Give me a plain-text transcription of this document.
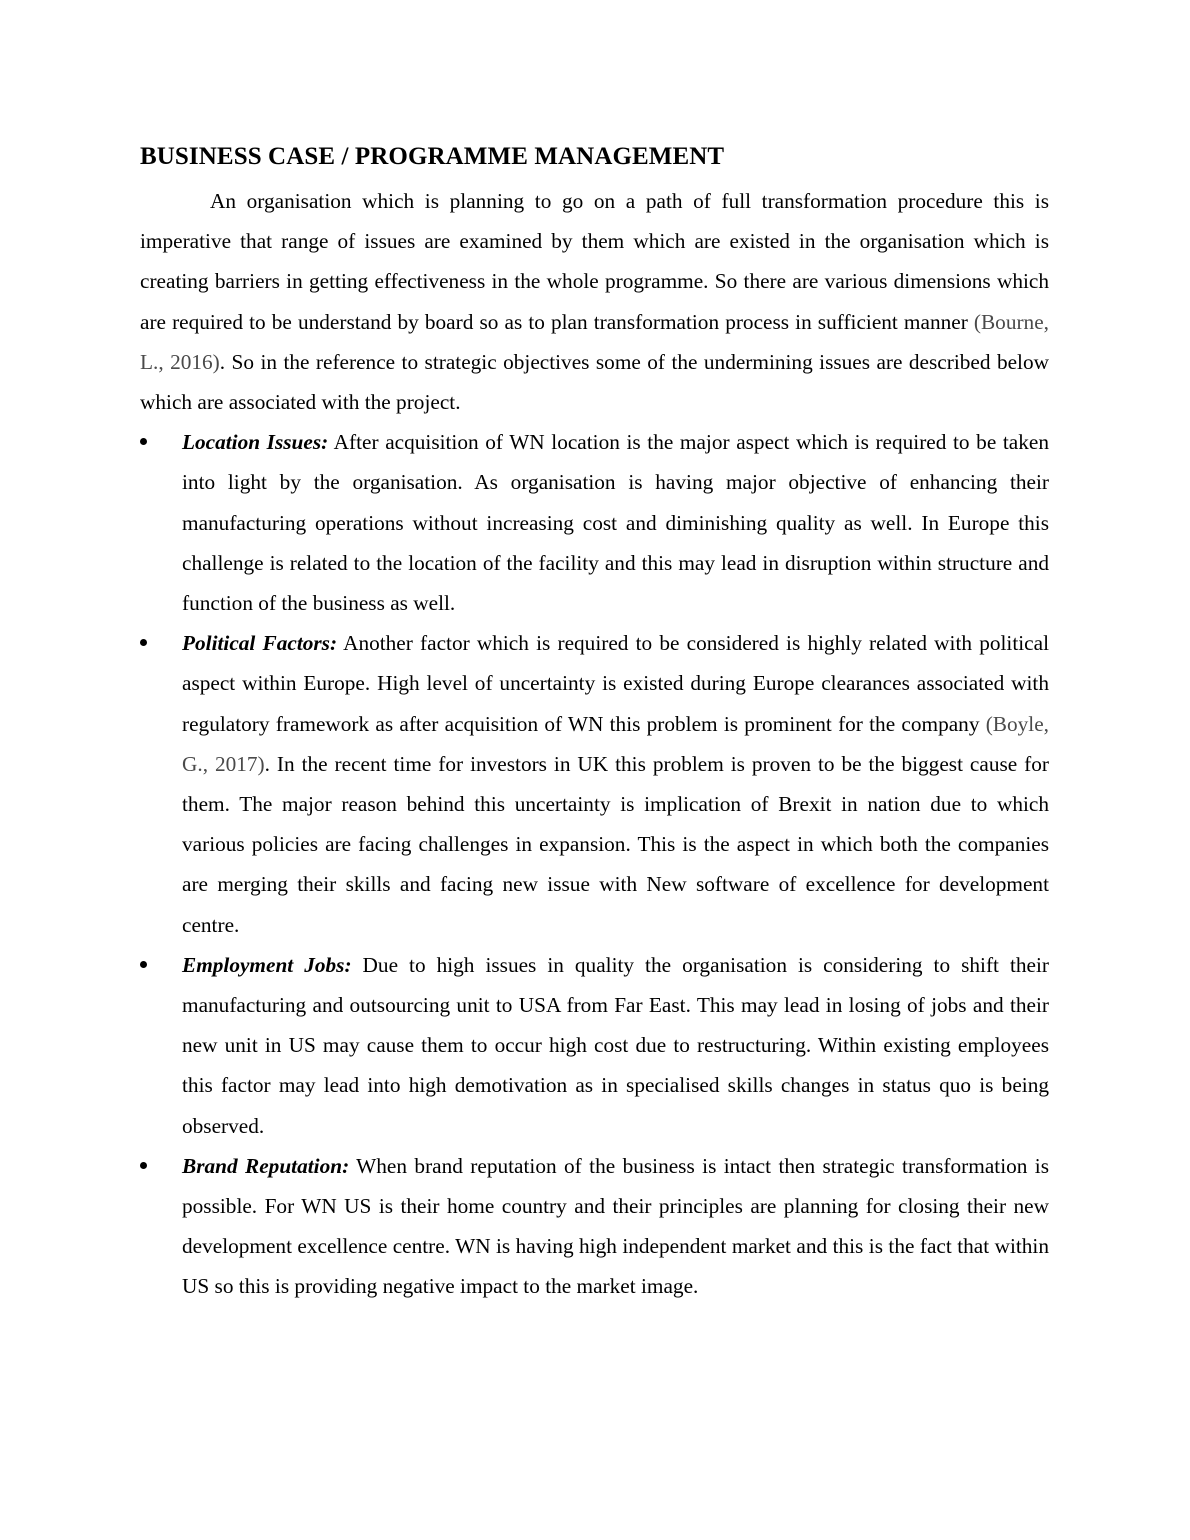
BUSINESS CASE / PROGRAMME MANAGEMENT

An organisation which is planning to go on a path of full transformation procedure this is imperative that range of issues are examined by them which are existed in the organisation which is creating barriers in getting effectiveness in the whole programme. So there are various dimensions which are required to be understand by board so as to plan transformation process in sufficient manner (Bourne, L., 2016). So in the reference to strategic objectives some of the undermining issues are described below which are associated with the project.

Location Issues: After acquisition of WN location is the major aspect which is required to be taken into light by the organisation. As organisation is having major objective of enhancing their manufacturing operations without increasing cost and diminishing quality as well. In Europe this challenge is related to the location of the facility and this may lead in disruption within structure and function of the business as well.
Political Factors: Another factor which is required to be considered is highly related with political aspect within Europe. High level of uncertainty is existed during Europe clearances associated with regulatory framework as after acquisition of WN this problem is prominent for the company (Boyle, G., 2017). In the recent time for investors in UK this problem is proven to be the biggest cause for them. The major reason behind this uncertainty is implication of Brexit in nation due to which various policies are facing challenges in expansion. This is the aspect in which both the companies are merging their skills and facing new issue with New software of excellence for development centre.
Employment Jobs: Due to high issues in quality the organisation is considering to shift their manufacturing and outsourcing unit to USA from Far East. This may lead in losing of jobs and their new unit in US may cause them to occur high cost due to restructuring. Within existing employees this factor may lead into high demotivation as in specialised skills changes in status quo is being observed.
Brand Reputation: When brand reputation of the business is intact then strategic transformation is possible. For WN US is their home country and their principles are planning for closing their new development excellence centre. WN is having high independent market and this is the fact that within US so this is providing negative impact to the market image.
